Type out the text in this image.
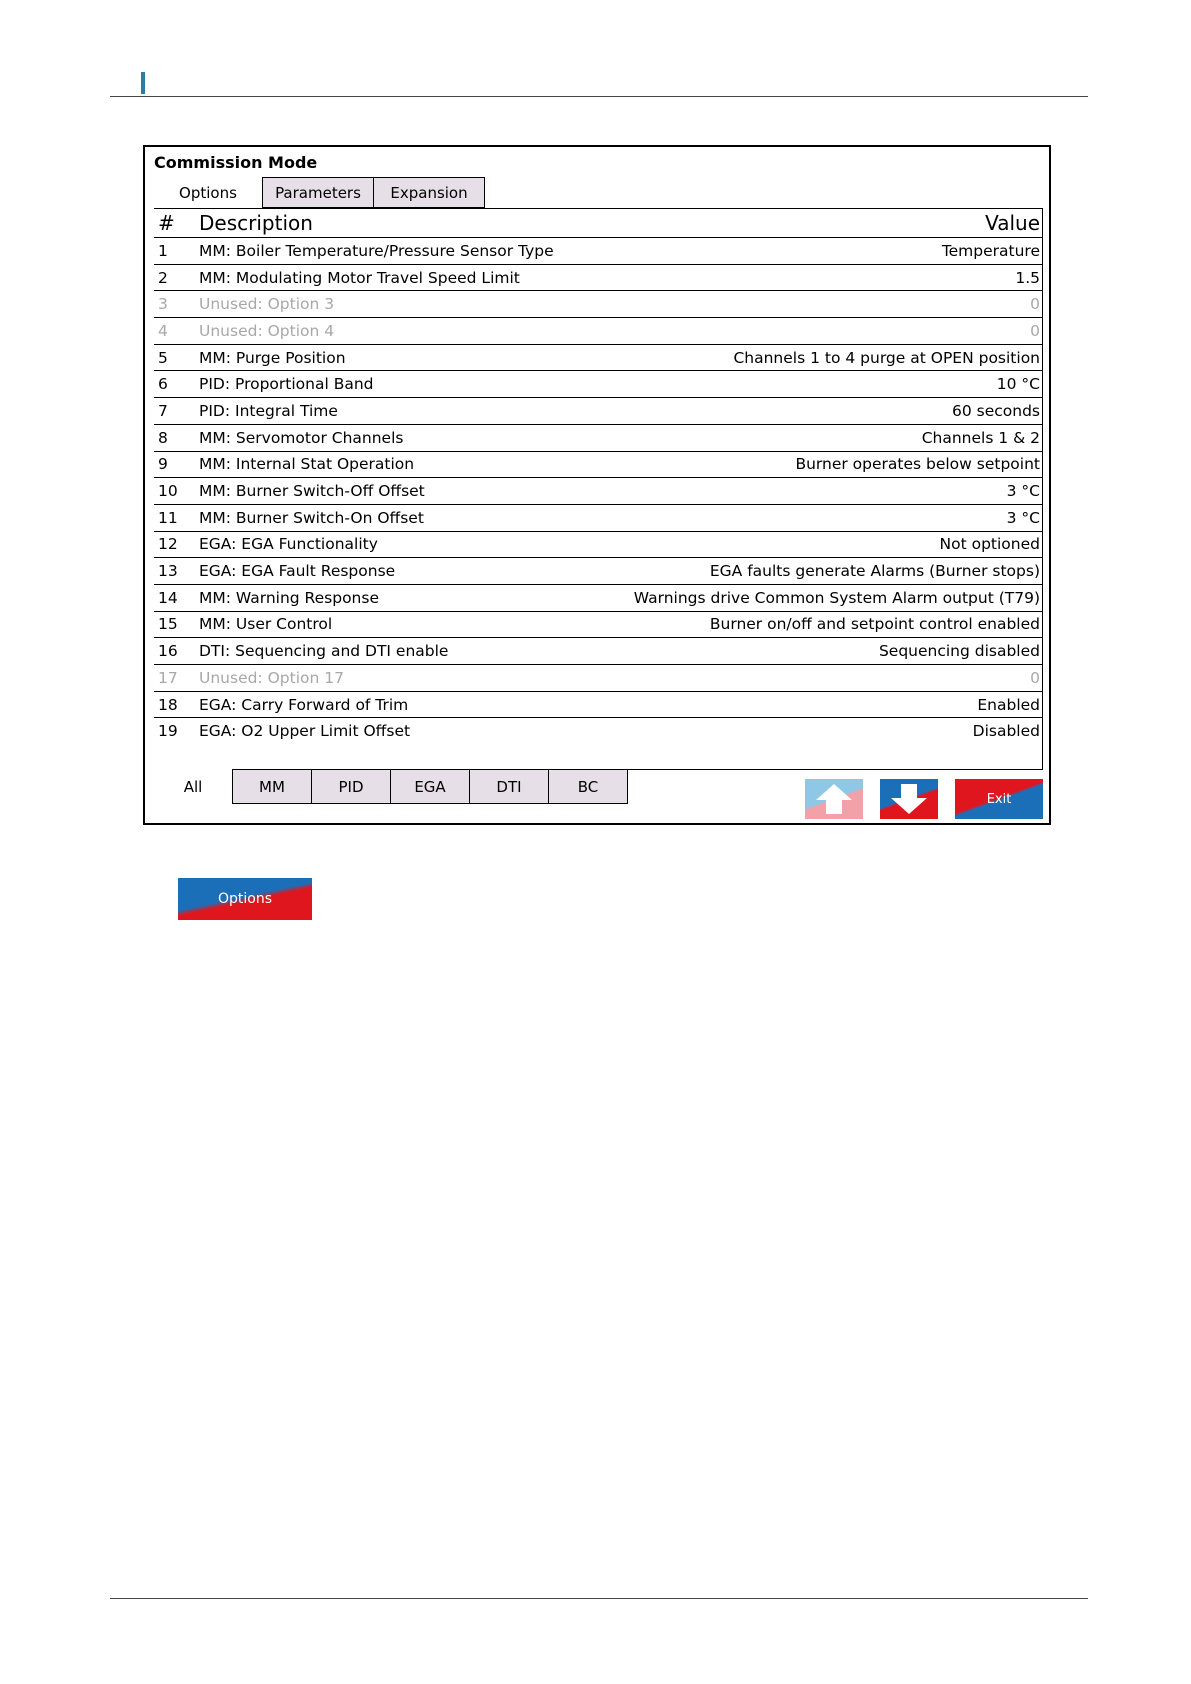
Commission Mode
Options	Parameters	Expansion
# Description	Value
1 MM: Boiler Temperature/Pressure Sensor Type	Temperature
2 MM: Modulating Motor Travel Speed Limit	1.5
3 Unused: Option 3	0
4 Unused: Option 4	0
5 MM: Purge Position	Channels 1 to 4 purge at OPEN position
6 PID: Proportional Band	10 °C
7 PID: Integral Time	60 seconds
8 MM: Servomotor Channels	Channels 1 & 2
9 MM: Internal Stat Operation	Burner operates below setpoint
10 MM: Burner Switch-Off Offset	3 °C
11 MM: Burner Switch-On Offset	3 °C
12 EGA: EGA Functionality	Not optioned
13 EGA: EGA Fault Response	EGA faults generate Alarms (Burner stops)
14 MM: Warning Response	Warnings drive Common System Alarm output (T79)
15 MM: User Control	Burner on/off and setpoint control enabled
16 DTI: Sequencing and DTI enable	Sequencing disabled
17 Unused: Option 17	0
18 EGA: Carry Forward of Trim	Enabled
19 EGA: O2 Upper Limit Offset	Disabled
All	MM	PID	EGA	DTI	BC
Exit
Options
